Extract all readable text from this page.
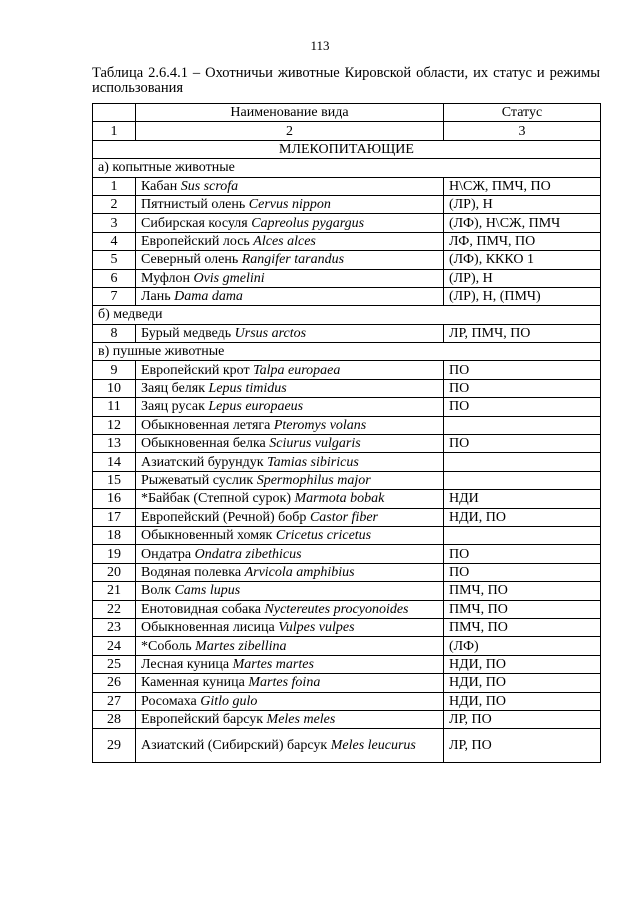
113
Таблица 2.6.4.1 – Охотничьи животные Кировской области, их статус и режимы использования
	Наименование вида	Статус
1	2	3
МЛЕКОПИТАЮЩИЕ		
а) копытные животные		
1	Кабан Sus scrofa	Н\СЖ, ПМЧ, ПО
2	Пятнистый олень Cervus nippon	(ЛР), Н
3	Сибирская косуля Capreolus pygargus	(ЛФ), Н\СЖ, ПМЧ
4	Европейский лось Alces alces	ЛФ, ПМЧ, ПО
5	Северный олень Rangifer tarandus	(ЛФ), КККО 1
6	Муфлон Ovis gmelini	(ЛР), Н
7	Лань Dama dama	(ЛР), Н, (ПМЧ)
б) медведи		
8	Бурый медведь Ursus arctos	ЛР, ПМЧ, ПО
в) пушные животные		
9	Европейский крот Talpa europaea	ПО
10	Заяц беляк Lepus timidus	ПО
11	Заяц русак Lepus europaeus	ПО
12	Обыкновенная летяга Pteromys volans	
13	Обыкновенная белка Sciurus vulgaris	ПО
14	Азиатский бурундук Tamias sibiricus	
15	Рыжеватый суслик Spermophilus major	
16	*Байбак (Степной сурок) Marmota bobak	НДИ
17	Европейский (Речной) бобр Castor fiber	НДИ, ПО
18	Обыкновенный хомяк Cricetus cricetus	
19	Ондатра Ondatra zibethicus	ПО
20	Водяная полевка Arvicola amphibius	ПО
21	Волк Cams lupus	ПМЧ, ПО
22	Енотовидная собака Nyctereutes procyonoides	ПМЧ, ПО
23	Обыкновенная лисица Vulpes vulpes	ПМЧ, ПО
24	*Соболь Martes zibellina	(ЛФ)
25	Лесная куница Martes martes	НДИ, ПО
26	Каменная куница Martes foina	НДИ, ПО
27	Росомаха Gitlo gulo	НДИ, ПО
28	Европейский барсук Meles meles	ЛР, ПО
29	Азиатский (Сибирский) барсук Meles leucurus	ЛР, ПО
